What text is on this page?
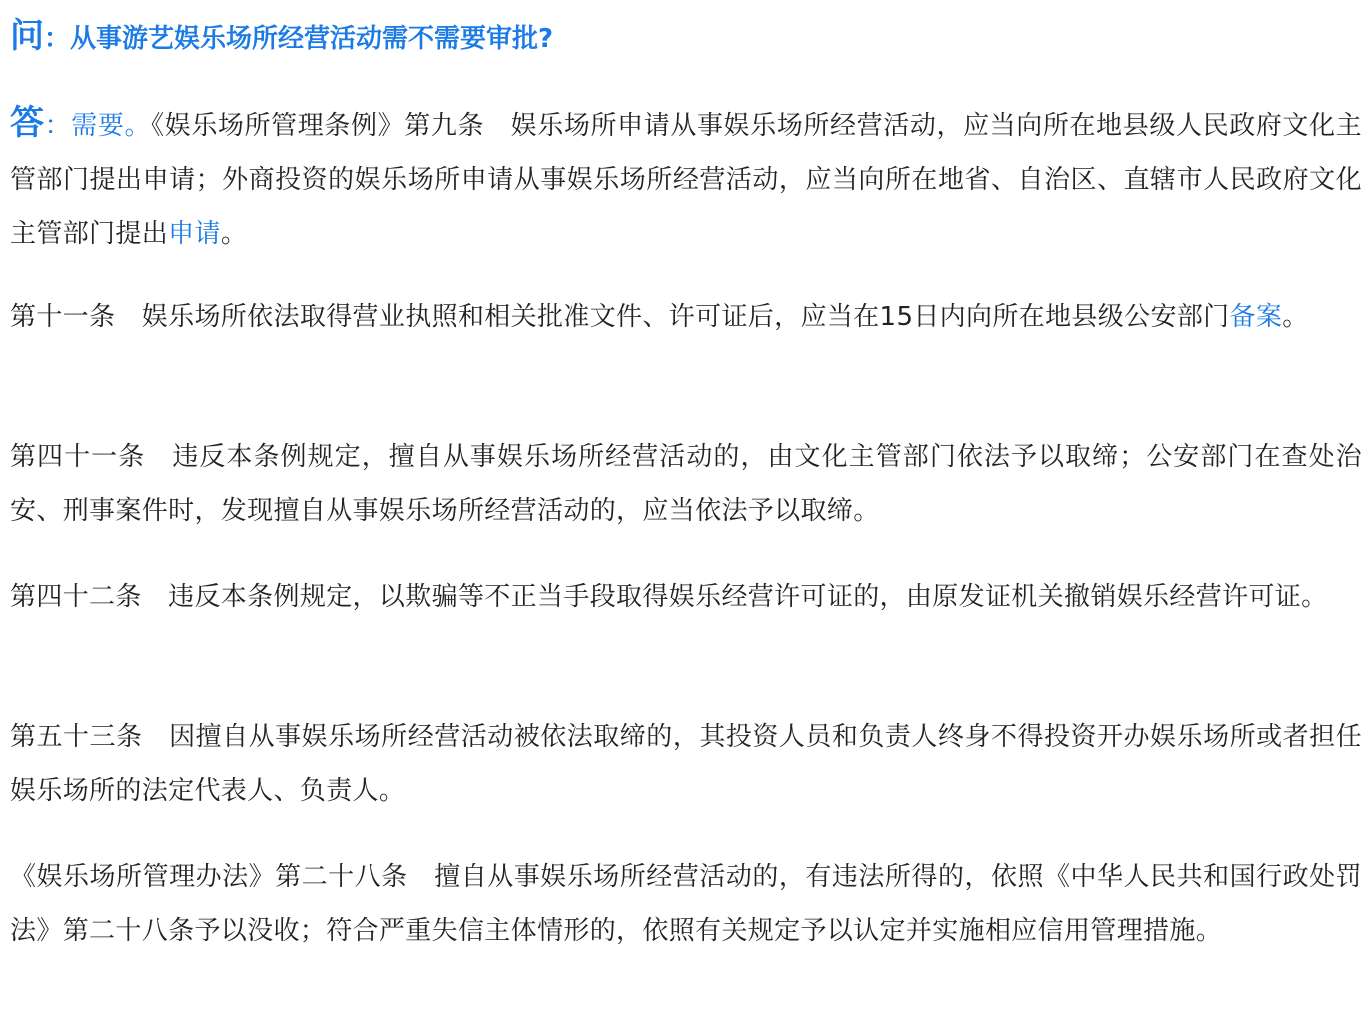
问：从事游艺娱乐场所经营活动需不需要审批?
答：需要。《娱乐场所管理条例》第九条　娱乐场所申请从事娱乐场所经营活动，应当向所在地县级人民政府文化主管部门提出申请；外商投资的娱乐场所申请从事娱乐场所经营活动，应当向所在地省、自治区、直辖市人民政府文化主管部门提出申请。
第十一条　娱乐场所依法取得营业执照和相关批准文件、许可证后，应当在15日内向所在地县级公安部门备案。
第四十一条　违反本条例规定，擅自从事娱乐场所经营活动的，由文化主管部门依法予以取缔；公安部门在查处治安、刑事案件时，发现擅自从事娱乐场所经营活动的，应当依法予以取缔。
第四十二条　违反本条例规定，以欺骗等不正当手段取得娱乐经营许可证的，由原发证机关撤销娱乐经营许可证。
第五十三条　因擅自从事娱乐场所经营活动被依法取缔的，其投资人员和负责人终身不得投资开办娱乐场所或者担任娱乐场所的法定代表人、负责人。
《娱乐场所管理办法》第二十八条　擅自从事娱乐场所经营活动的，有违法所得的，依照《中华人民共和国行政处罚法》第二十八条予以没收；符合严重失信主体情形的，依照有关规定予以认定并实施相应信用管理措施。
